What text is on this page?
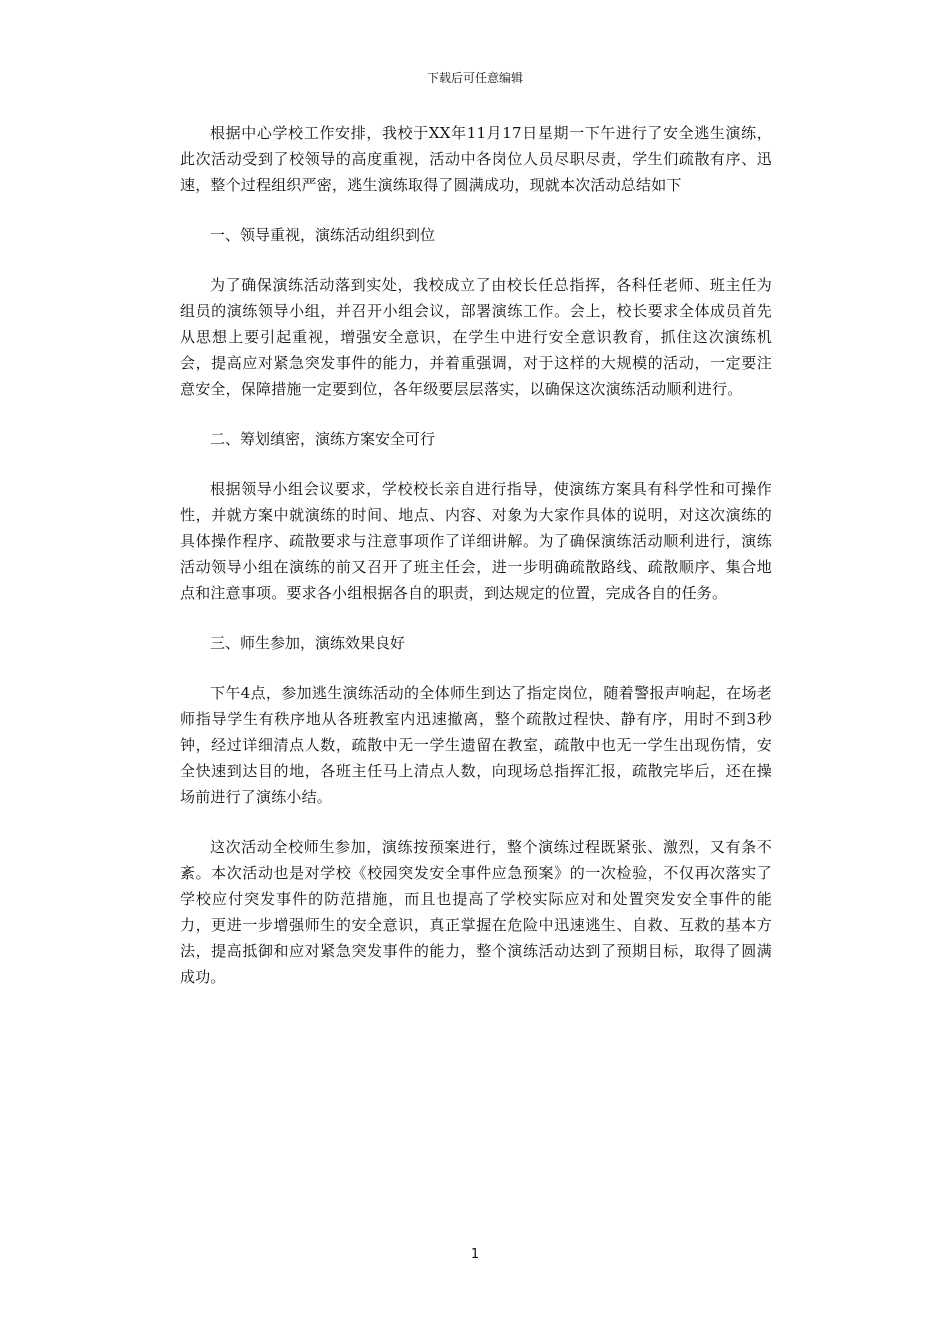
下载后可任意编辑

根据中心学校工作安排，我校于XX年11月17日星期一下午进行了安全逃生演练，此次活动受到了校领导的高度重视，活动中各岗位人员尽职尽责，学生们疏散有序、迅速，整个过程组织严密，逃生演练取得了圆满成功，现就本次活动总结如下

一、领导重视，演练活动组织到位

为了确保演练活动落到实处，我校成立了由校长任总指挥，各科任老师、班主任为组员的演练领导小组，并召开小组会议，部署演练工作。会上，校长要求全体成员首先从思想上要引起重视，增强安全意识，在学生中进行安全意识教育，抓住这次演练机会，提高应对紧急突发事件的能力，并着重强调，对于这样的大规模的活动，一定要注意安全，保障措施一定要到位，各年级要层层落实，以确保这次演练活动顺利进行。

二、筹划缜密，演练方案安全可行

根据领导小组会议要求，学校校长亲自进行指导，使演练方案具有科学性和可操作性，并就方案中就演练的时间、地点、内容、对象为大家作具体的说明，对这次演练的具体操作程序、疏散要求与注意事项作了详细讲解。为了确保演练活动顺利进行，演练活动领导小组在演练的前又召开了班主任会，进一步明确疏散路线、疏散顺序、集合地点和注意事项。要求各小组根据各自的职责，到达规定的位置，完成各自的任务。

三、师生参加，演练效果良好

下午4点，参加逃生演练活动的全体师生到达了指定岗位，随着警报声响起，在场老师指导学生有秩序地从各班教室内迅速撤离，整个疏散过程快、静有序，用时不到3秒钟，经过详细清点人数，疏散中无一学生遗留在教室，疏散中也无一学生出现伤情，安全快速到达目的地，各班主任马上清点人数，向现场总指挥汇报，疏散完毕后，还在操场前进行了演练小结。

这次活动全校师生参加，演练按预案进行，整个演练过程既紧张、激烈，又有条不紊。本次活动也是对学校《校园突发安全事件应急预案》的一次检验，不仅再次落实了学校应付突发事件的防范措施，而且也提高了学校实际应对和处置突发安全事件的能力，更进一步增强师生的安全意识，真正掌握在危险中迅速逃生、自救、互救的基本方法，提高抵御和应对紧急突发事件的能力，整个演练活动达到了预期目标，取得了圆满成功。

1
